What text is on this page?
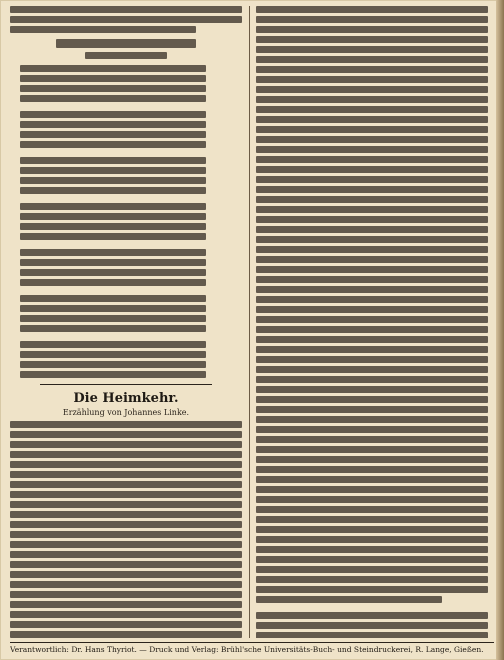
Die Heimkehr.
Erzählung von Johannes Linke.
Verantwortlich: Dr. Hans Thyriot. — Druck und Verlag: Brühl'sche Universitäts-Buch- und Steindruckerei, R. Lange, Gießen.
